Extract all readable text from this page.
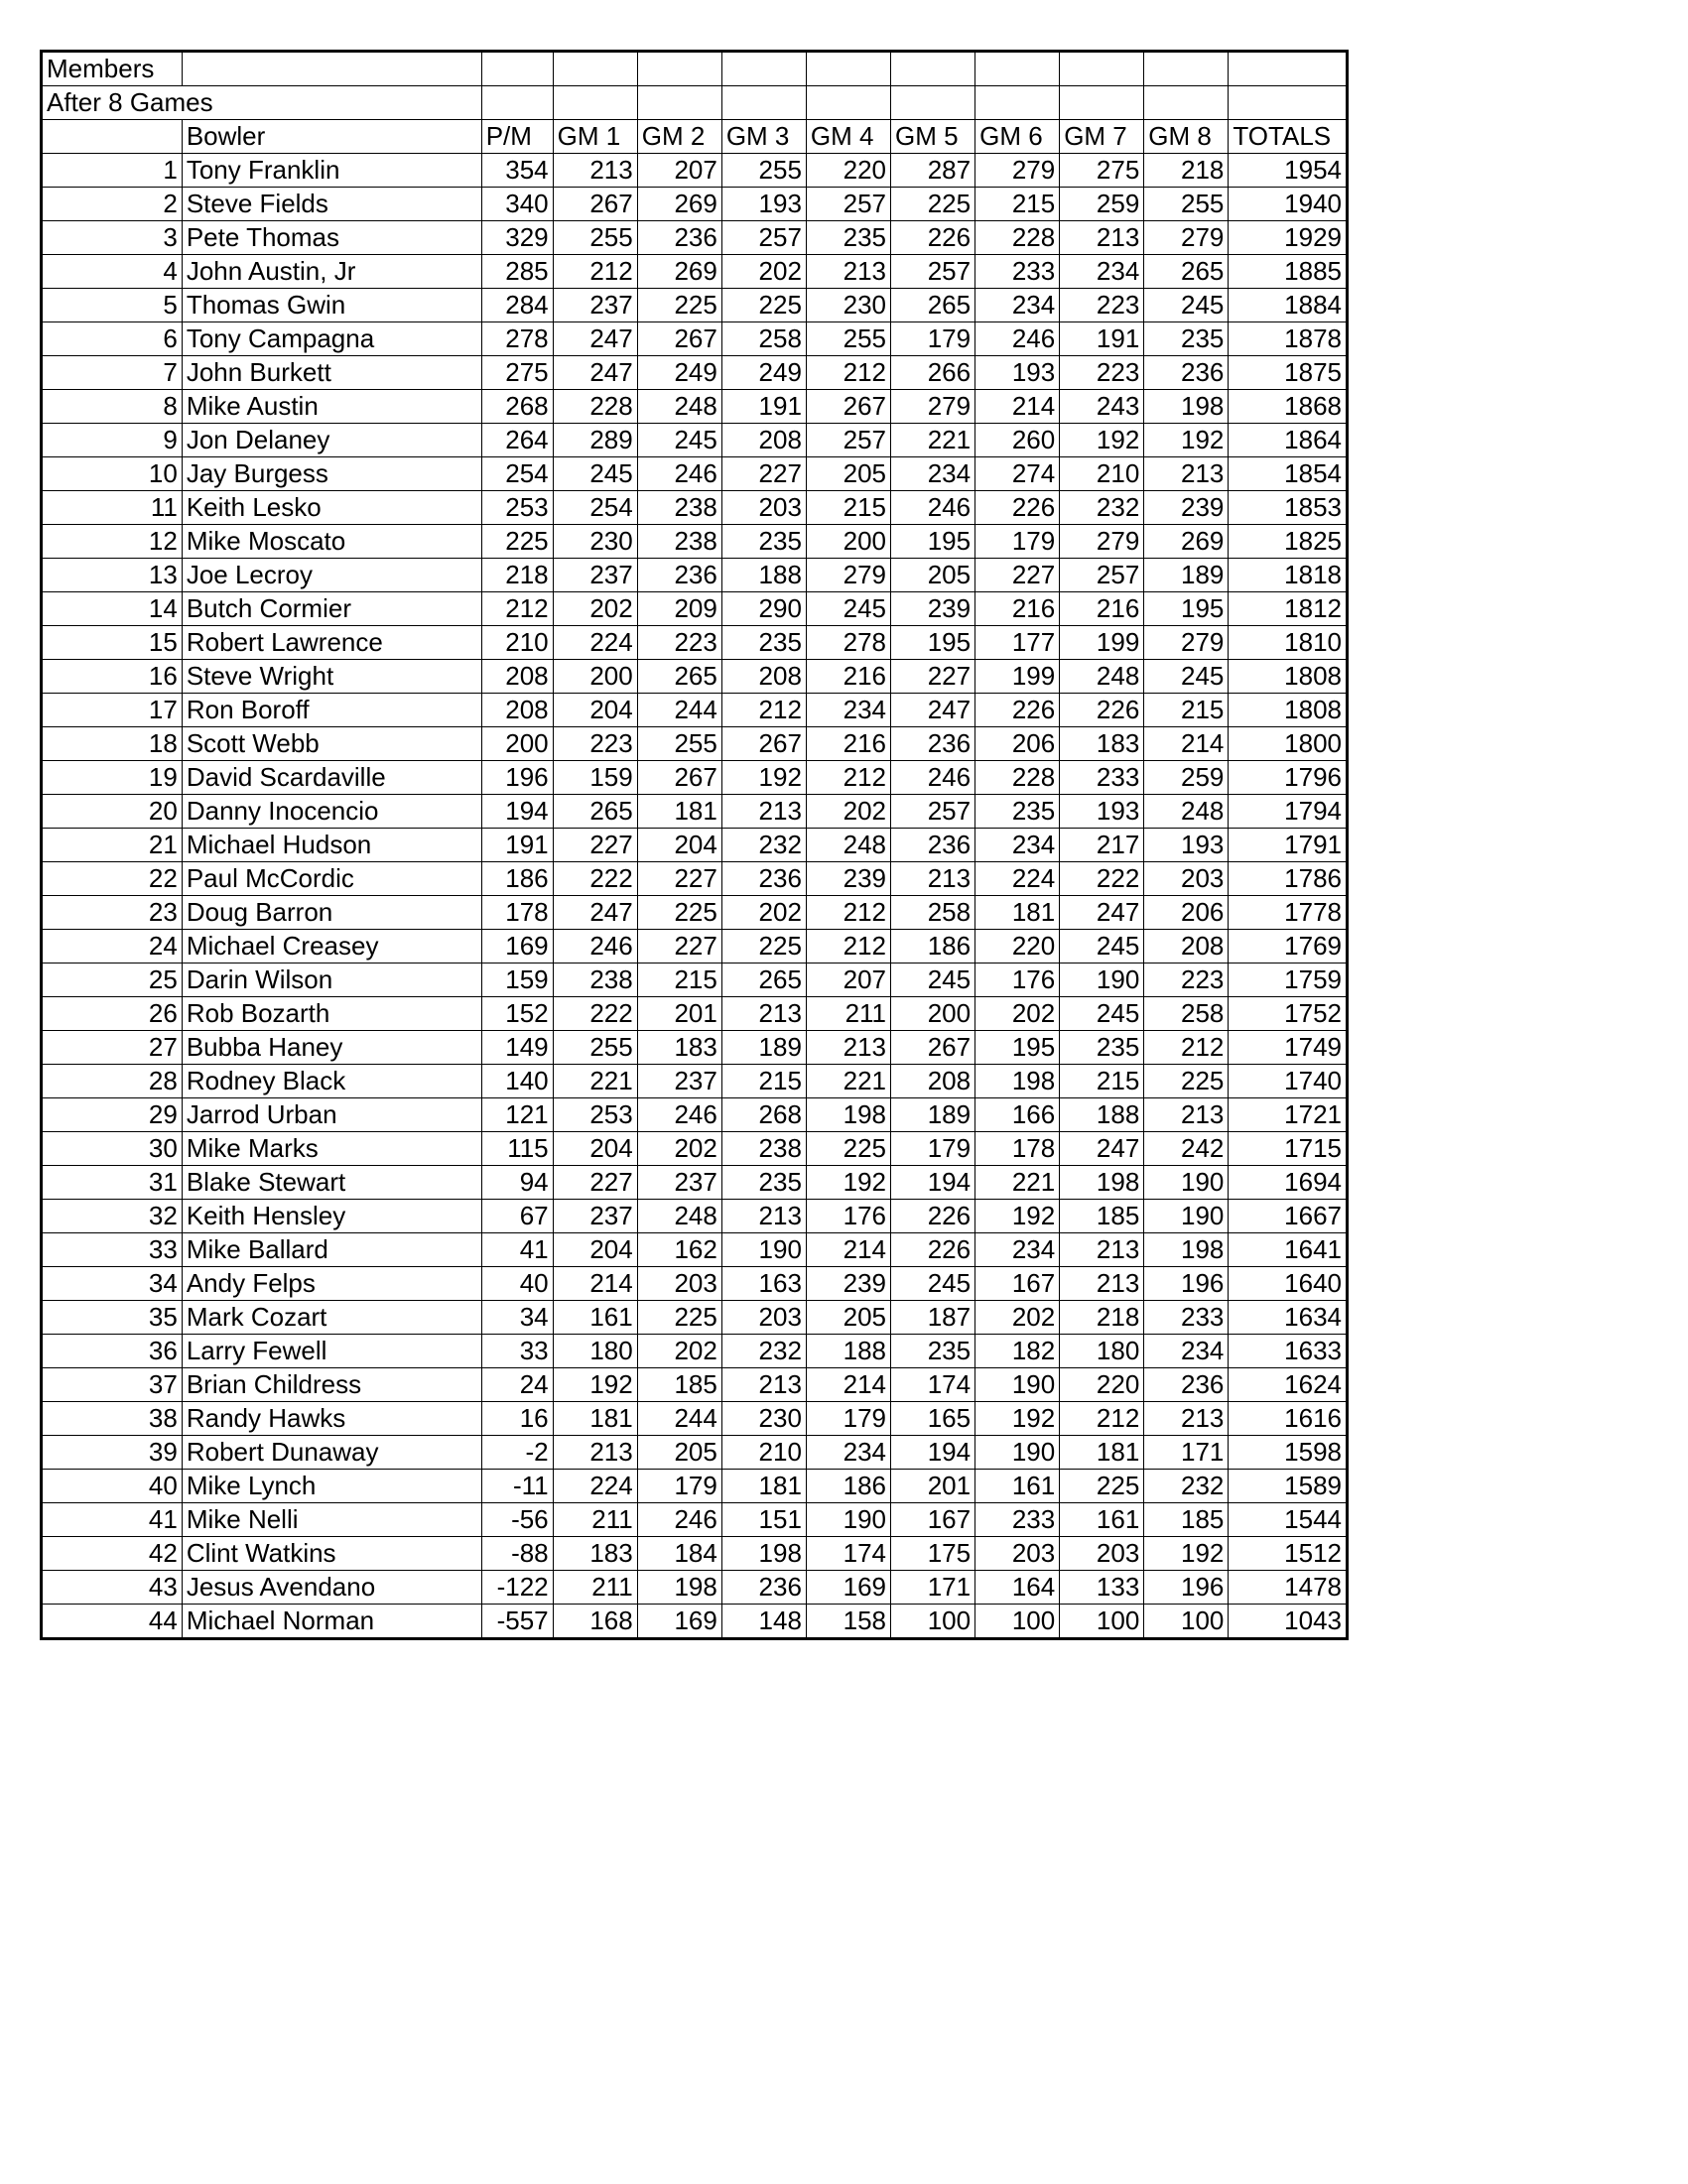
Members											
After 8 Games											
	Bowler	P/M	GM 1	GM 2	GM 3	GM 4	GM 5	GM 6	GM 7	GM 8	TOTALS
1	Tony Franklin	354	213	207	255	220	287	279	275	218	1954
2	Steve Fields	340	267	269	193	257	225	215	259	255	1940
3	Pete Thomas	329	255	236	257	235	226	228	213	279	1929
4	John Austin, Jr	285	212	269	202	213	257	233	234	265	1885
5	Thomas Gwin	284	237	225	225	230	265	234	223	245	1884
6	Tony Campagna	278	247	267	258	255	179	246	191	235	1878
7	John Burkett	275	247	249	249	212	266	193	223	236	1875
8	Mike Austin	268	228	248	191	267	279	214	243	198	1868
9	Jon Delaney	264	289	245	208	257	221	260	192	192	1864
10	Jay Burgess	254	245	246	227	205	234	274	210	213	1854
11	Keith Lesko	253	254	238	203	215	246	226	232	239	1853
12	Mike Moscato	225	230	238	235	200	195	179	279	269	1825
13	Joe Lecroy	218	237	236	188	279	205	227	257	189	1818
14	Butch Cormier	212	202	209	290	245	239	216	216	195	1812
15	Robert Lawrence	210	224	223	235	278	195	177	199	279	1810
16	Steve Wright	208	200	265	208	216	227	199	248	245	1808
17	Ron Boroff	208	204	244	212	234	247	226	226	215	1808
18	Scott Webb	200	223	255	267	216	236	206	183	214	1800
19	David Scardaville	196	159	267	192	212	246	228	233	259	1796
20	Danny Inocencio	194	265	181	213	202	257	235	193	248	1794
21	Michael Hudson	191	227	204	232	248	236	234	217	193	1791
22	Paul McCordic	186	222	227	236	239	213	224	222	203	1786
23	Doug Barron	178	247	225	202	212	258	181	247	206	1778
24	Michael Creasey	169	246	227	225	212	186	220	245	208	1769
25	Darin Wilson	159	238	215	265	207	245	176	190	223	1759
26	Rob Bozarth	152	222	201	213	211	200	202	245	258	1752
27	Bubba Haney	149	255	183	189	213	267	195	235	212	1749
28	Rodney Black	140	221	237	215	221	208	198	215	225	1740
29	Jarrod Urban	121	253	246	268	198	189	166	188	213	1721
30	Mike Marks	115	204	202	238	225	179	178	247	242	1715
31	Blake Stewart	94	227	237	235	192	194	221	198	190	1694
32	Keith Hensley	67	237	248	213	176	226	192	185	190	1667
33	Mike Ballard	41	204	162	190	214	226	234	213	198	1641
34	Andy Felps	40	214	203	163	239	245	167	213	196	1640
35	Mark Cozart	34	161	225	203	205	187	202	218	233	1634
36	Larry Fewell	33	180	202	232	188	235	182	180	234	1633
37	Brian Childress	24	192	185	213	214	174	190	220	236	1624
38	Randy Hawks	16	181	244	230	179	165	192	212	213	1616
39	Robert Dunaway	-2	213	205	210	234	194	190	181	171	1598
40	Mike Lynch	-11	224	179	181	186	201	161	225	232	1589
41	Mike Nelli	-56	211	246	151	190	167	233	161	185	1544
42	Clint Watkins	-88	183	184	198	174	175	203	203	192	1512
43	Jesus Avendano	-122	211	198	236	169	171	164	133	196	1478
44	Michael Norman	-557	168	169	148	158	100	100	100	100	1043
